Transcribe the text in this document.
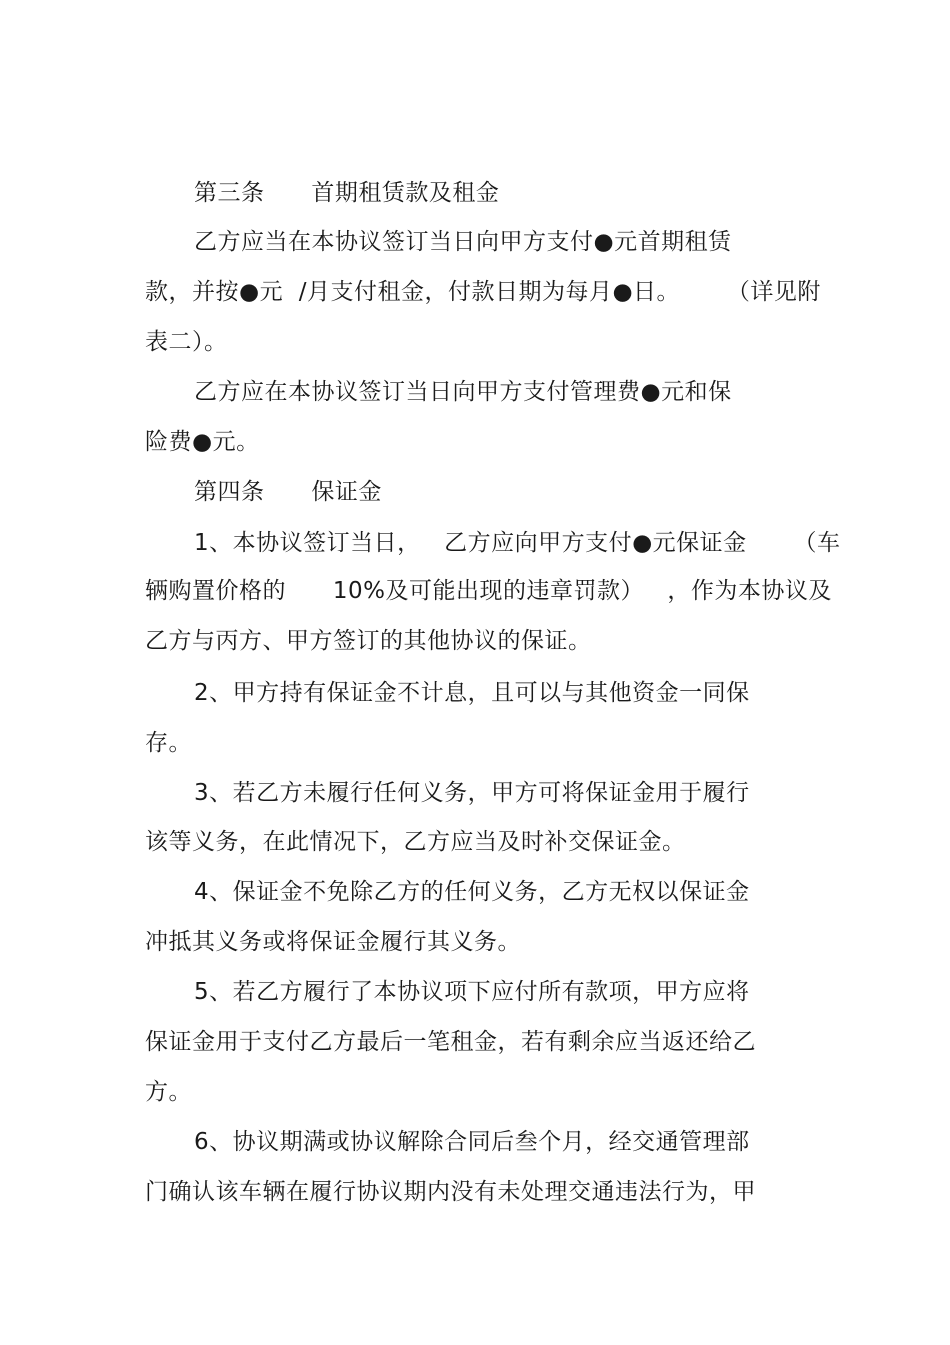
第三条      首期租赁款及租金
乙方应当在本协议签订当日向甲方支付●元首期租赁
款，并按●元  /月支付租金，付款日期为每月●日。      （详见附
表二）。
乙方应在本协议签订当日向甲方支付管理费●元和保
险费●元。
第四条      保证金
1、本协议签订当日，   乙方应向甲方支付●元保证金      （车
辆购置价格的      10%及可能出现的违章罚款）   ，作为本协议及
乙方与丙方、甲方签订的其他协议的保证。
2、甲方持有保证金不计息，且可以与其他资金一同保
存。
3、若乙方未履行任何义务，甲方可将保证金用于履行
该等义务，在此情况下，乙方应当及时补交保证金。
4、保证金不免除乙方的任何义务，乙方无权以保证金
冲抵其义务或将保证金履行其义务。
5、若乙方履行了本协议项下应付所有款项，甲方应将
保证金用于支付乙方最后一笔租金，若有剩余应当返还给乙
方。
6、协议期满或协议解除合同后叁个月，经交通管理部
门确认该车辆在履行协议期内没有未处理交通违法行为，甲
